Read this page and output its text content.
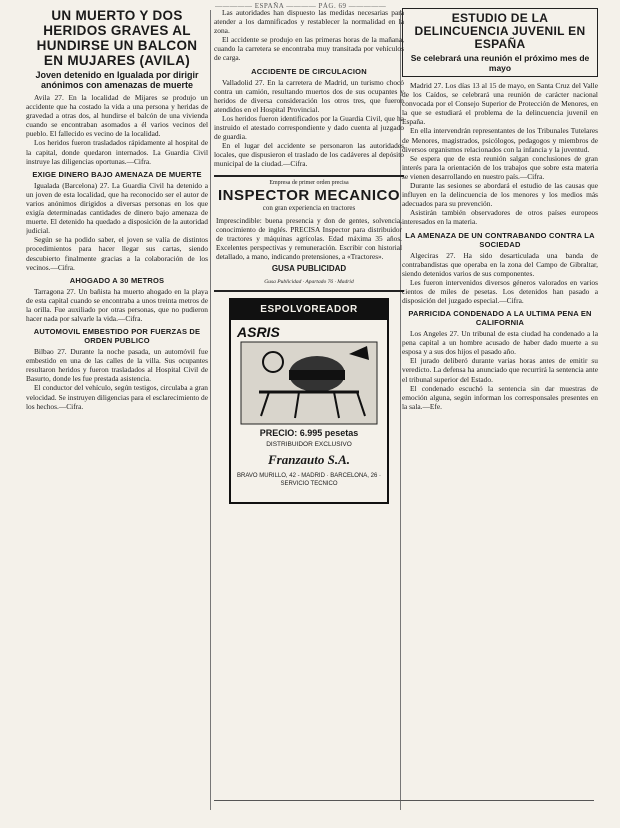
————— ESPAÑA ———— PÁG. 69 —————
UN MUERTO Y DOS HERIDOS GRAVES AL HUNDIRSE UN BALCON EN MUJARES (AVILA)
Joven detenido en Igualada por dirigir anónimos con amenazas de muerte

Avila 27. En la localidad de Mijares se produjo un accidente que ha costado la vida a una persona y heridas de gravedad a otras dos, al hundirse el balcón de una vivienda cuando se encontraban asomados a él varios vecinos del pueblo. El fallecido es vecino de la localidad.

Los heridos fueron trasladados rápidamente al hospital de la capital, donde quedaron internados. La Guardia Civil instruye las diligencias oportunas.—Cifra.

EXIGE DINERO BAJO AMENAZA DE MUERTE

Igualada (Barcelona) 27. La Guardia Civil ha detenido a un joven de esta localidad, que ha reconocido ser el autor de varios anónimos dirigidos a diversas personas en los que exigía determinadas cantidades de dinero bajo amenaza de muerte. El detenido ha quedado a disposición de la autoridad judicial.

Según se ha podido saber, el joven se valía de distintos procedimientos para hacer llegar sus cartas, siendo descubierto finalmente gracias a la colaboración de los vecinos.—Cifra.

AHOGADO A 30 METROS

Tarragona 27. Un bañista ha muerto ahogado en la playa de esta capital cuando se encontraba a unos treinta metros de la orilla. Fue auxiliado por otras personas, que no pudieron hacer nada por salvarle la vida.—Cifra.

AUTOMOVIL EMBESTIDO POR FUERZAS DE ORDEN PUBLICO

Bilbao 27. Durante la noche pasada, un automóvil fue embestido en una de las calles de la villa. Sus ocupantes resultaron heridos y fueron trasladados al Hospital Civil de Basurto, donde les fue prestada asistencia.

El conductor del vehículo, según testigos, circulaba a gran velocidad. Se instruyen diligencias para el esclarecimiento de los hechos.—Cifra.

Las autoridades han dispuesto las medidas necesarias para atender a los damnificados y restablecer la normalidad en la zona.

El accidente se produjo en las primeras horas de la mañana, cuando la carretera se encontraba muy transitada por vehículos de carga.

ACCIDENTE DE CIRCULACION

Valladolid 27. En la carretera de Madrid, un turismo chocó contra un camión, resultando muertos dos de sus ocupantes y heridos de diversa consideración los otros tres, que fueron atendidos en el Hospital Provincial.

Los heridos fueron identificados por la Guardia Civil, que ha instruido el atestado correspondiente y dado cuenta al juzgado de guardia.

En el lugar del accidente se personaron las autoridades locales, que dispusieron el traslado de los cadáveres al depósito municipal de la ciudad.—Cifra.

Empresa de primer orden precisa
INSPECTOR MECANICO
con gran experiencia en tractores
Imprescindible: buena presencia y don de gentes, solvencia, conocimiento de inglés. PRECISA Inspector para distribuidor de tractores y máquinas agrícolas. Edad máxima 35 años. Excelentes perspectivas y remuneración. Escribir con historial detallado, a mano, indicando pretensiones, a «Tractores».
GUSA PUBLICIDAD
Gusa Publicidad · Apartado 76 · Madrid
ESPOLVOREADOR
ASRIS
PRECIO: 6.995 pesetas
DISTRIBUIDOR EXCLUSIVO
Franzauto S.A.
BRAVO MURILLO, 42 - MADRID · BARCELONA, 26 · SERVICIO TECNICO
ESTUDIO DE LA DELINCUENCIA JUVENIL EN ESPAÑA
Se celebrará una reunión el próximo mes de mayo

Madrid 27. Los días 13 al 15 de mayo, en Santa Cruz del Valle de los Caídos, se celebrará una reunión de carácter nacional convocada por el Consejo Superior de Protección de Menores, en la que se estudiará el problema de la delincuencia juvenil en España.

En ella intervendrán representantes de los Tribunales Tutelares de Menores, magistrados, psicólogos, pedagogos y miembros de diversos organismos relacionados con la infancia y la juventud.

Se espera que de esta reunión salgan conclusiones de gran interés para la orientación de los trabajos que sobre esta materia se vienen desarrollando en nuestro país.—Cifra.

Durante las sesiones se abordará el estudio de las causas que influyen en la delincuencia de los menores y los medios más adecuados para su prevención.

Asistirán también observadores de otros países europeos interesados en la materia.

LA AMENAZA DE UN CONTRABANDO CONTRA LA SOCIEDAD

Algeciras 27. Ha sido desarticulada una banda de contrabandistas que operaba en la zona del Campo de Gibraltar, siendo detenidos varios de sus componentes.

Les fueron intervenidos diversos géneros valorados en varios cientos de miles de pesetas. Los detenidos han pasado a disposición del juzgado especial.—Cifra.

PARRICIDA CONDENADO A LA ULTIMA PENA EN CALIFORNIA

Los Angeles 27. Un tribunal de esta ciudad ha condenado a la pena capital a un hombre acusado de haber dado muerte a su esposa y a sus dos hijos el pasado año.

El jurado deliberó durante varias horas antes de emitir su veredicto. La defensa ha anunciado que recurrirá la sentencia ante el tribunal superior del Estado.

El condenado escuchó la sentencia sin dar muestras de emoción alguna, según informan los corresponsales presentes en la sala.—Efe.
